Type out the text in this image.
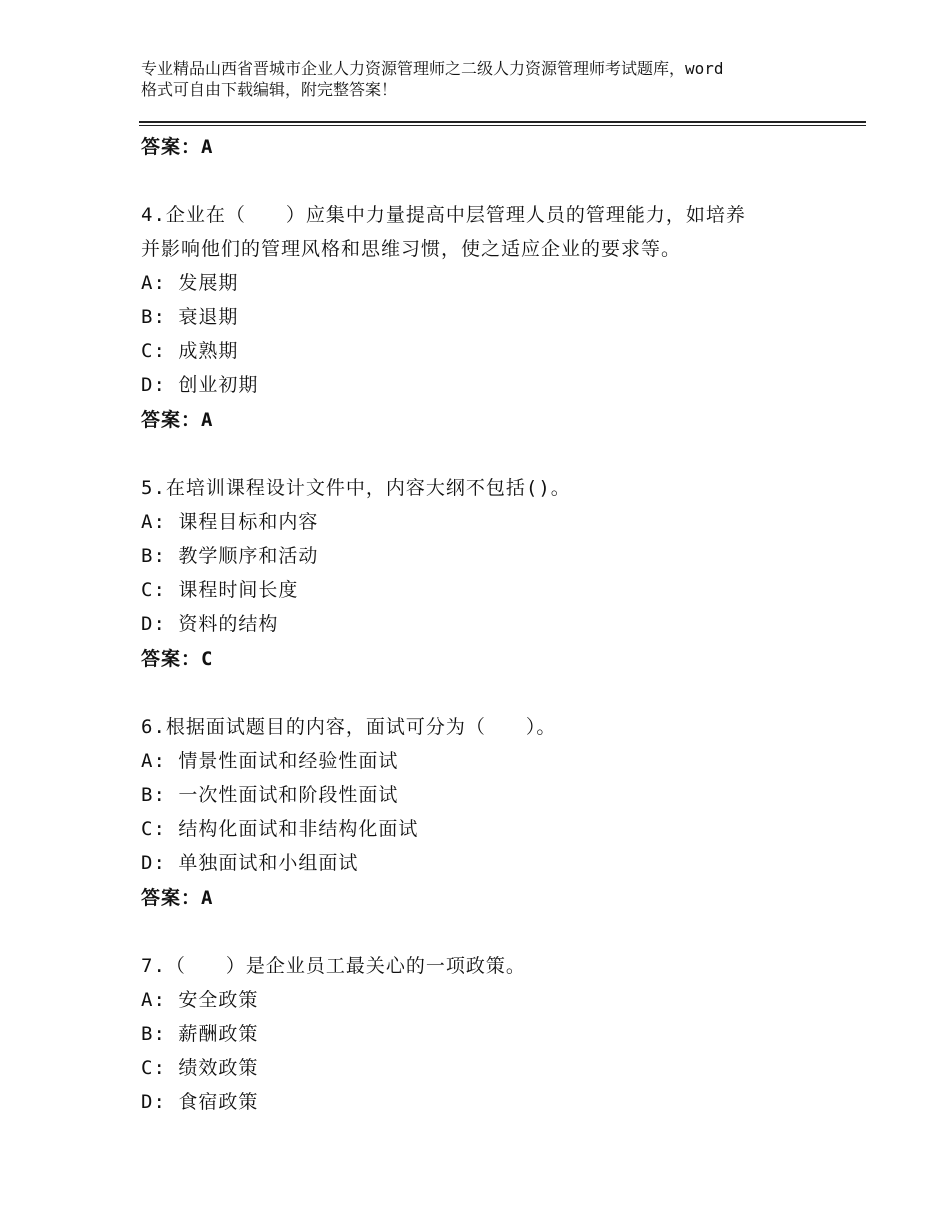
专业精品山西省晋城市企业人力资源管理师之二级人力资源管理师考试题库，word
格式可自由下载编辑，附完整答案！
答案：A
4.企业在（　　）应集中力量提高中层管理人员的管理能力，如培养
并影响他们的管理风格和思维习惯，使之适应企业的要求等。
A: 发展期
B: 衰退期
C: 成熟期
D: 创业初期
答案：A
5.在培训课程设计文件中，内容大纲不包括()。
A: 课程目标和内容
B: 教学顺序和活动
C: 课程时间长度
D: 资料的结构
答案：C
6.根据面试题目的内容，面试可分为（　　）。
A: 情景性面试和经验性面试
B: 一次性面试和阶段性面试
C: 结构化面试和非结构化面试
D: 单独面试和小组面试
答案：A
7.（　　）是企业员工最关心的一项政策。
A: 安全政策
B: 薪酬政策
C: 绩效政策
D: 食宿政策
